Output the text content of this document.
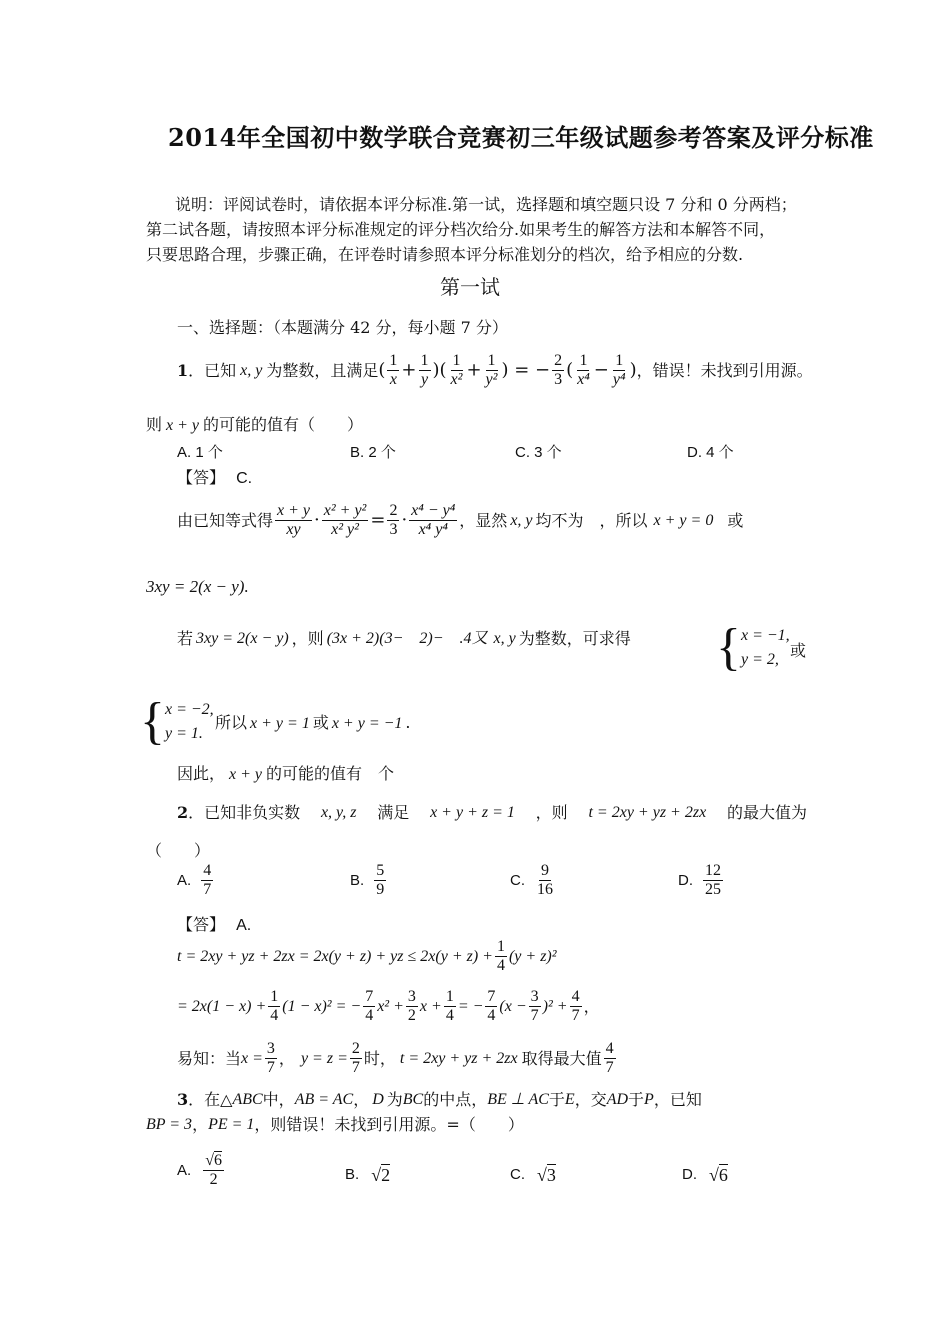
2014年全国初中数学联合竞赛初三年级试题参考答案及评分标准
说明：评阅试卷时，请依据本评分标准.第一试，选择题和填空题只设 7 分和 0 分两档；
第二试各题，请按照本评分标准规定的评分档次给分.如果考生的解答方法和本解答不同，
只要思路合理，步骤正确，在评卷时请参照本评分标准划分的档次，给予相应的分数.
第一试
一、选择题：（本题满分 42 分，每小题 7 分）
1 ．已知 x, y 为整数，且满足 ( $\frac{1}{x} + \frac{1}{y}$ )( $\frac{1}{\text{x²}} + \frac{1}{\text{y²}}$ ) = − $\frac{2}{3}$ ( $\frac{1}{\text{x⁴}} - \frac{1}{\text{y⁴}}$ ) ，错误！未找到引用源。
则 x + y 的可能的值有（　　）
A. 1 个	B. 2 个	C. 3 个	D. 4 个
【答】 C.
由已知等式得 $\frac{x + y}{xy} \cdot \frac{\text{x² + y²}}{\text{x² y²}} = \frac{2}{3} \cdot \frac{\text{x⁴ − y⁴}}{\text{x⁴ y⁴}}$ ，显然 x, y 均不为　，所以 x + y = 0 或
3xy = 2(x − y).
若 3xy = 2(x − y) ，则 (3x + 2)(3−　2)−　.4又 x, y 为整数，可求得 { x = −1,
y = 2, 或
{ x = −2,
y = 1.
所以 x + y = 1 或 x + y = −1 .
因此， x + y 的可能的值有　个
2．已知非负实数 x, y, z 满足 x + y + z = 1 ，则 t = 2xy + yz + 2zx 的最大值为
（　　）
A. $\frac{4}{7}$	B. $\frac{5}{9}$	C. $\frac{9}{16}$	D. $\frac{12}{25}$
【答】 A.
t = 2xy + yz + 2zx = 2x(y + z) + yz ≤ $2x(y + z) + \frac{1}{4} (y + z)^2$
= $2x(1 - x) + \frac{1}{4} (1 - x)^2$ = − $\frac{7}{4} x^2 + \frac{3}{2}$ $x + \frac{1}{4}$ = − $\frac{7}{4} (x - \frac{3}{7} )^2 + \frac{4}{7}$ ，
易知：当 $x = \frac{3}{7}$ ， $y = z = \frac{2}{7}$ 时， t = 2xy + yz + 2zx 取得最大值 $\frac{4}{7}$
3 ．在△ ABC 中， AB = AC ， D 为 BC 的中点， BE ⊥ AC 于 E ，交 AD 于 P ，已知
BP = 3 ， PE = 1 ，则错误！未找到引用源。=（　　）
A. $\frac{√6}{2}$	B. √2	C. √3	D. √6
